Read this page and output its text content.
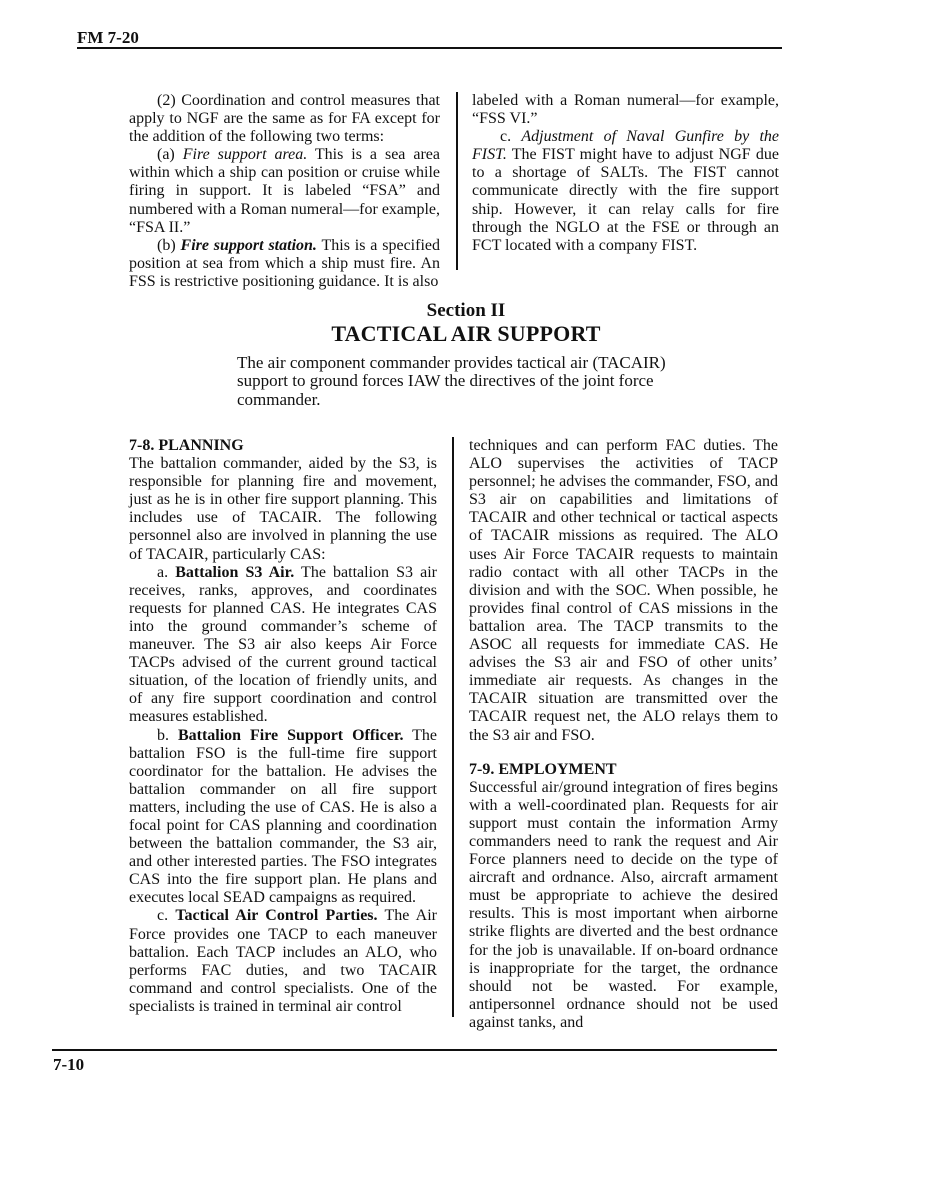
FM 7-20

(2) Coordination and control measures that apply to NGF are the same as for FA except for the addition of the following two terms:

(a) Fire support area. This is a sea area within which a ship can position or cruise while firing in support. It is labeled “FSA” and numbered with a Roman numeral—for example, “FSA II.”

(b) Fire support station. This is a specified position at sea from which a ship must fire. An FSS is restrictive positioning guidance. It is also

labeled with a Roman numeral—for example, “FSS VI.”

c. Adjustment of Naval Gunfire by the FIST. The FIST might have to adjust NGF due to a shortage of SALTs. The FIST cannot communicate directly with the fire support ship. However, it can relay calls for fire through the NGLO at the FSE or through an FCT located with a company FIST.

Section II
TACTICAL AIR SUPPORT
The air component commander provides tactical air (TACAIR) support to ground forces IAW the directives of the joint force commander.

7-8. PLANNING

The battalion commander, aided by the S3, is responsible for planning fire and movement, just as he is in other fire support planning. This includes use of TACAIR. The following personnel also are involved in planning the use of TACAIR, particularly CAS:

a. Battalion S3 Air. The battalion S3 air receives, ranks, approves, and coordinates requests for planned CAS. He integrates CAS into the ground commander’s scheme of maneuver. The S3 air also keeps Air Force TACPs advised of the current ground tactical situation, of the location of friendly units, and of any fire support coordination and control measures established.

b. Battalion Fire Support Officer. The battalion FSO is the full-time fire support coordinator for the battalion. He advises the battalion commander on all fire support matters, including the use of CAS. He is also a focal point for CAS planning and coordination between the battalion commander, the S3 air, and other interested parties. The FSO integrates CAS into the fire support plan. He plans and executes local SEAD campaigns as required.

c. Tactical Air Control Parties. The Air Force provides one TACP to each maneuver battalion. Each TACP includes an ALO, who performs FAC duties, and two TACAIR command and control specialists. One of the specialists is trained in terminal air control

techniques and can perform FAC duties. The ALO supervises the activities of TACP personnel; he advises the commander, FSO, and S3 air on capabilities and limitations of TACAIR and other technical or tactical aspects of TACAIR missions as required. The ALO uses Air Force TACAIR requests to maintain radio contact with all other TACPs in the division and with the SOC. When possible, he provides final control of CAS missions in the battalion area. The TACP transmits to the ASOC all requests for immediate CAS. He advises the S3 air and FSO of other units’ immediate air requests. As changes in the TACAIR situation are transmitted over the TACAIR request net, the ALO relays them to the S3 air and FSO.

7-9. EMPLOYMENT

Successful air/ground integration of fires begins with a well-coordinated plan. Requests for air support must contain the information Army commanders need to rank the request and Air Force planners need to decide on the type of aircraft and ordnance. Also, aircraft armament must be appropriate to achieve the desired results. This is most important when airborne strike flights are diverted and the best ordnance for the job is unavailable. If on-board ordnance is inappropriate for the target, the ordnance should not be wasted. For example, antipersonnel ordnance should not be used against tanks, and

7-10
